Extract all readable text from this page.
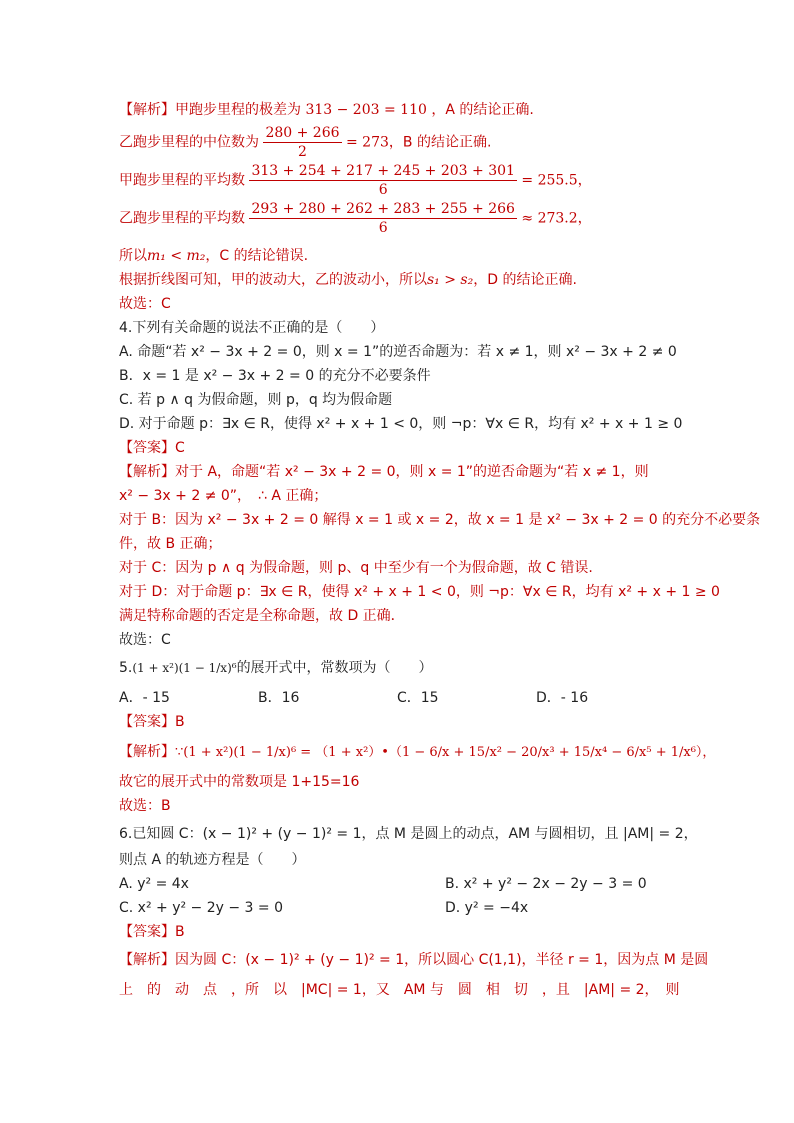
【解析】甲跑步里程的极差为 313 − 203 = 110 ，A 的结论正确.
乙跑步里程的中位数为 $\frac{280 + 266}{2} = 273$，B 的结论正确.
甲跑步里程的平均数 $\frac{313 + 254 + 217 + 245 + 203 + 301}{6} = 255.5$，
乙跑步里程的平均数 $\frac{293 + 280 + 262 + 283 + 255 + 266}{6} \approx 273.2$，
所以m₁ < m₂，C 的结论错误.
根据折线图可知，甲的波动大，乙的波动小，所以s₁ > s₂，D 的结论正确.
故选：C
4.下列有关命题的说法不正确的是（　　）
A. 命题“若 x² − 3x + 2 = 0，则 x = 1”的逆否命题为：若 x ≠ 1，则 x² − 3x + 2 ≠ 0
B．x = 1 是 x² − 3x + 2 = 0 的充分不必要条件
C. 若 p ∧ q 为假命题，则 p，q 均为假命题
D. 对于命题 p：∃x ∈ R，使得 x² + x + 1 < 0，则 ¬p：∀x ∈ R，均有 x² + x + 1 ≥ 0
【答案】C
【解析】对于 A，命题“若 x² − 3x + 2 = 0，则 x = 1”的逆否命题为“若 x ≠ 1，则
x² − 3x + 2 ≠ 0”，　∴ A 正确；
对于 B：因为 x² − 3x + 2 = 0 解得 x = 1 或 x = 2，故 x = 1 是 x² − 3x + 2 = 0 的充分不必要条
件，故 B 正确；
对于 C：因为 p ∧ q 为假命题，则 p、q 中至少有一个为假命题，故 C 错误.
对于 D：对于命题 p：∃x ∈ R，使得 x² + x + 1 < 0，则 ¬p：∀x ∈ R，均有 x² + x + 1 ≥ 0
满足特称命题的否定是全称命题，故 D 正确．
故选：C
5.(1 + x²)(1 − 1/x)⁶的展开式中，常数项为（　　）
A．- 15	B．16	C．15	D．- 16
【答案】B
【解析】∵(1 + x²)(1 − 1/x)⁶ = （1 + x²）•（1 − 6/x + 15/x² − 20/x³ + 15/x⁴ − 6/x⁵ + 1/x⁶），
故它的展开式中的常数项是 1+15=16
故选：B
6.已知圆 C：(x − 1)² + (y − 1)² = 1，点 M 是圆上的动点，AM 与圆相切，且 |AM| = 2，
则点 A 的轨迹方程是（　　）
A. y² = 4x	B. x² + y² − 2x − 2y − 3 = 0
C. x² + y² − 2y − 3 = 0	D. y² = −4x
【答案】B
【解析】因为圆 C：(x − 1)² + (y − 1)² = 1，所以圆心 C(1,1)，半径 r = 1，因为点 M 是圆
上　的　动　点　，所　以　|MC| = 1，又　AM 与　圆　相　切　，且　|AM| = 2，　则
